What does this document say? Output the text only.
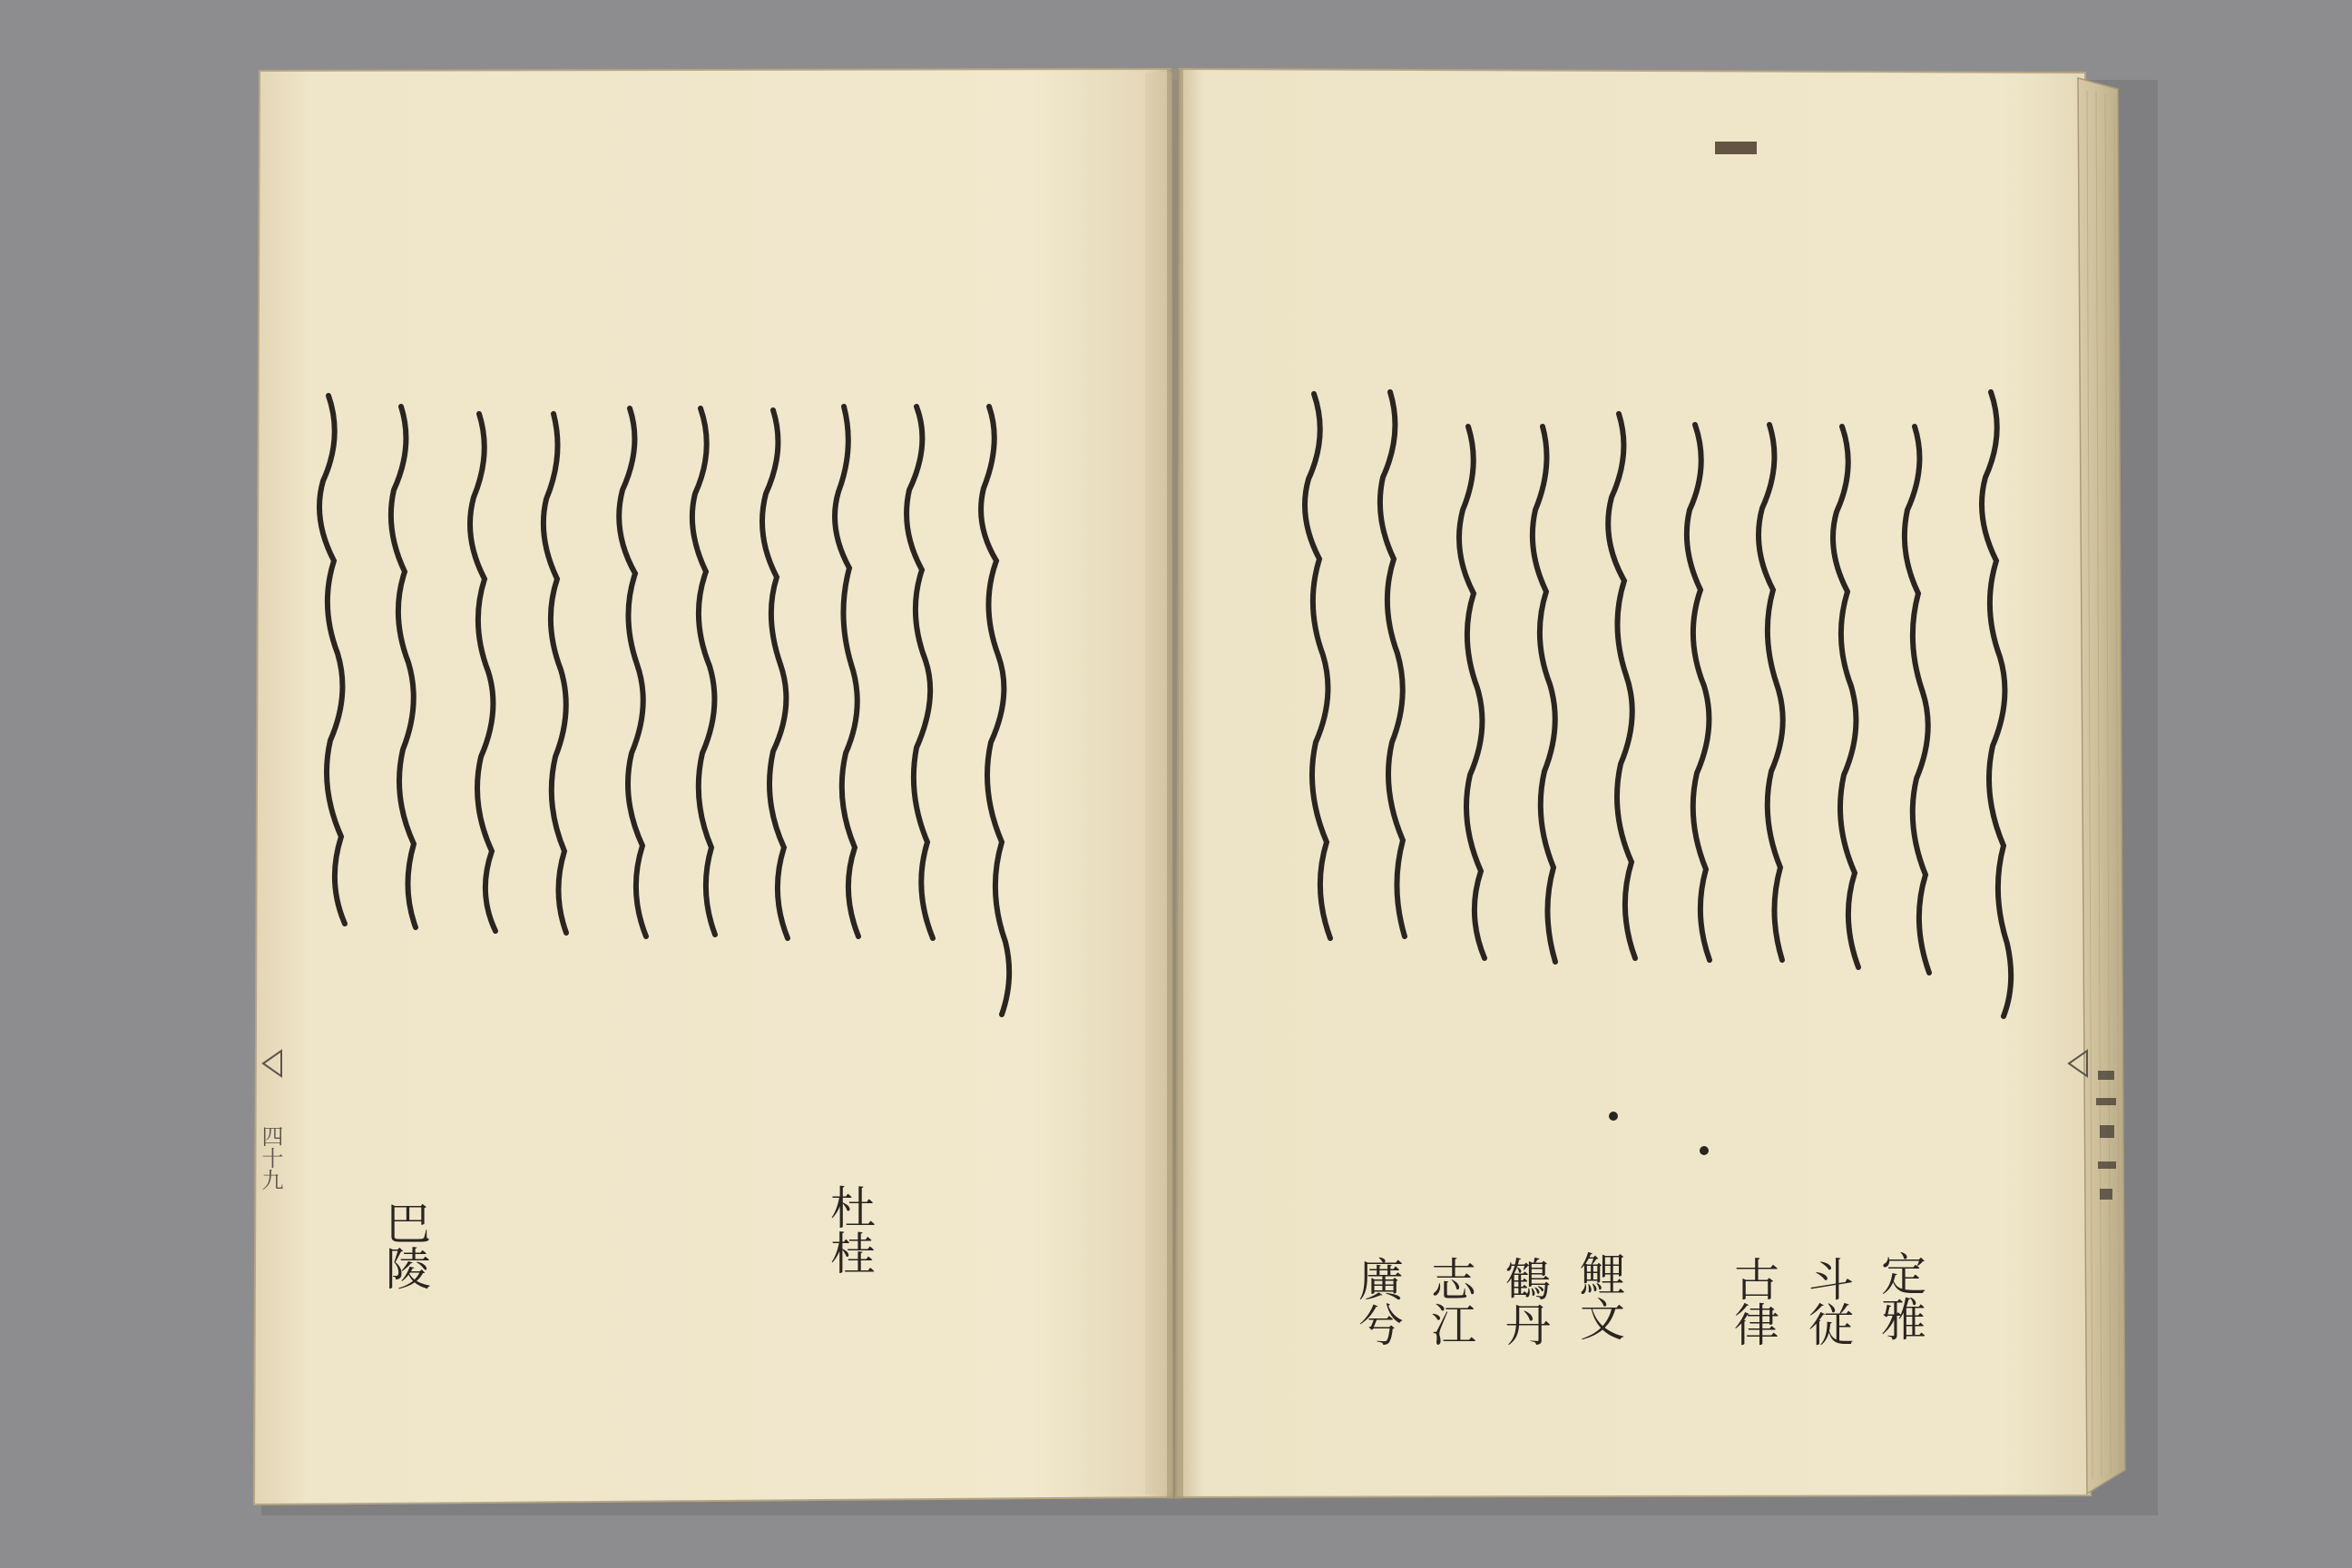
四十九
杜桂
巴陵
定雅
斗従
古律
鯉文
鶴丹
志江
廣兮
